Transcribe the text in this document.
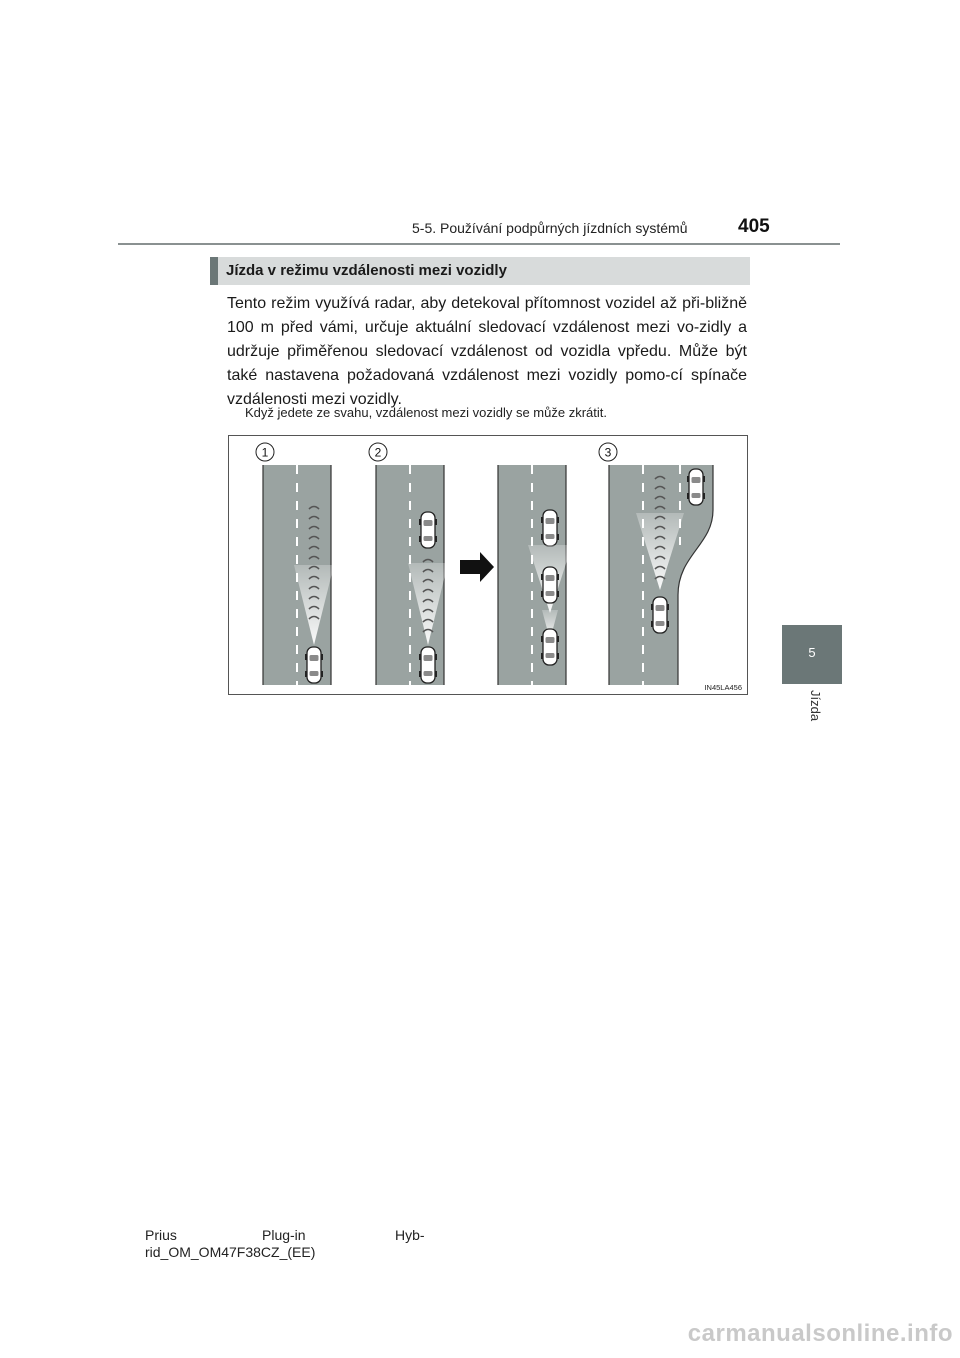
5-5. Používání podpůrných jízdních systémů	405
Jízda v režimu vzdálenosti mezi vozidly
Tento režim využívá radar, aby detekoval přítomnost vozidel až při-bližně 100 m před vámi, určuje aktuální sledovací vzdálenost mezi vo-zidly a udržuje přiměřenou sledovací vzdálenost od vozidla vpředu. Může být také nastavena požadovaná vzdálenost mezi vozidly pomo-cí spínače vzdálenosti mezi vozidly.
Když jedete ze svahu, vzdálenost mezi vozidly se může zkrátit.
1	2	3
IN45LA456
5
Jízda
Prius	Plug-in	Hyb-
rid_OM_OM47F38CZ_(EE)
carmanualsonline.info
